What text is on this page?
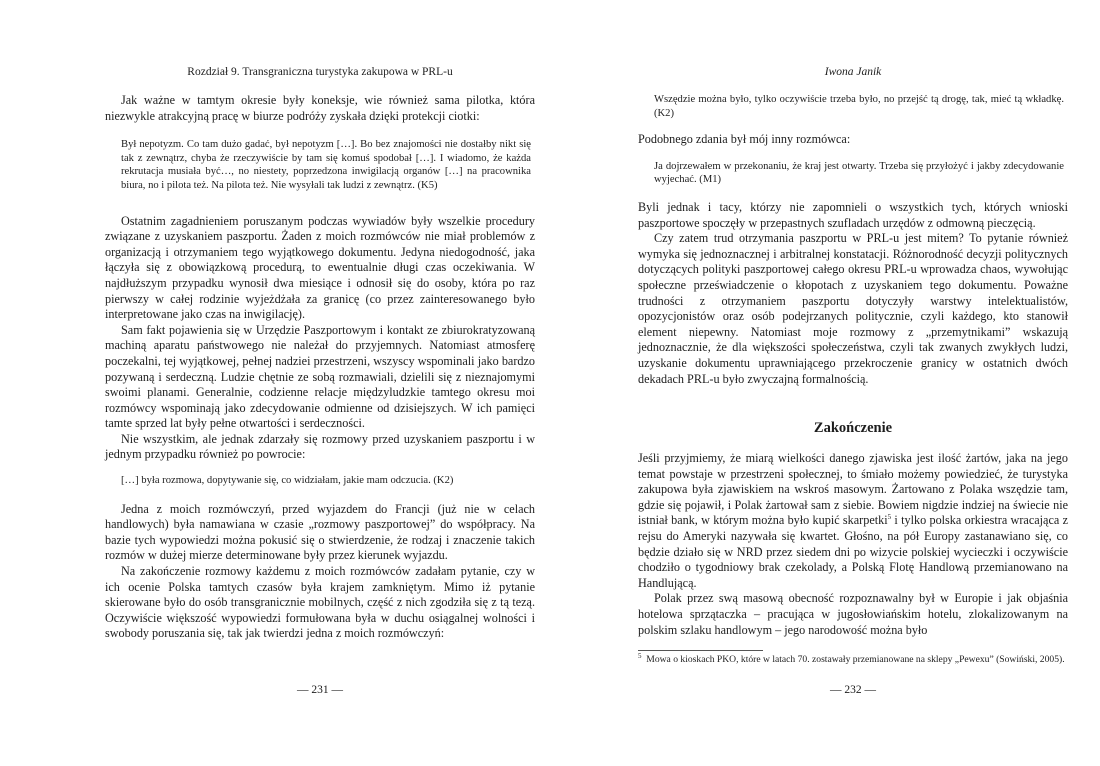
Rozdział 9. Transgraniczna turystyka zakupowa w PRL-u

Jak ważne w tamtym okresie były koneksje, wie również sama pilotka, która niezwykle atrakcyjną pracę w biurze podróży zyskała dzięki protekcji ciotki:

Był nepotyzm. Co tam dużo gadać, był nepotyzm […]. Bo bez znajomości nie dostałby nikt się tak z zewnątrz, chyba że rzeczywiście by tam się komuś spodobał […]. I wiadomo, że każda rekrutacja musiała być…, no niestety, poprzedzona inwigilacją organów […] na pracownika biura, no i pilota też. Na pilota też. Nie wysyłali tak ludzi z zewnątrz. (K5)

Ostatnim zagadnieniem poruszanym podczas wywiadów były wszelkie procedury związane z uzyskaniem paszportu. Żaden z moich rozmówców nie miał problemów z organizacją i otrzymaniem tego wyjątkowego dokumentu. Jedyna niedogodność, jaka łączyła się z obowiązkową procedurą, to ewentualnie długi czas oczekiwania. W najdłuższym przypadku wynosił dwa miesiące i odnosił się do osoby, która po raz pierwszy w całej rodzinie wyjeżdżała za granicę (co przez zainteresowanego było interpretowane jako czas na inwigilację).

Sam fakt pojawienia się w Urzędzie Paszportowym i kontakt ze zbiurokratyzowaną machiną aparatu państwowego nie należał do przyjemnych. Natomiast atmosferę poczekalni, tej wyjątkowej, pełnej nadziei przestrzeni, wszyscy wspominali jako bardzo pozywaną i serdeczną. Ludzie chętnie ze sobą rozmawiali, dzielili się z nieznajomymi swoimi planami. Generalnie, codzienne relacje międzyludzkie tamtego okresu moi rozmówcy wspominają jako zdecydowanie odmienne od dzisiejszych. W ich pamięci tamte sprzed lat były pełne otwartości i serdeczności.

Nie wszystkim, ale jednak zdarzały się rozmowy przed uzyskaniem paszportu i w jednym przypadku również po powrocie:

[…] była rozmowa, dopytywanie się, co widziałam, jakie mam odczucia. (K2)

Jedna z moich rozmówczyń, przed wyjazdem do Francji (już nie w celach handlowych) była namawiana w czasie „rozmowy paszportowej” do współpracy. Na bazie tych wypowiedzi można pokusić się o stwierdzenie, że rodzaj i znaczenie takich rozmów w dużej mierze determinowane były przez kierunek wyjazdu.

Na zakończenie rozmowy każdemu z moich rozmówców zadałam pytanie, czy w ich ocenie Polska tamtych czasów była krajem zamkniętym. Mimo iż pytanie skierowane było do osób transgranicznie mobilnych, część z nich zgodziła się z tą tezą. Oczywiście większość wypowiedzi formułowana była w duchu osiągalnej wolności i swobody poruszania się, tak jak twierdzi jedna z moich rozmówczyń:

— 231 —
Iwona Janik

Wszędzie można było, tylko oczywiście trzeba było, no przejść tą drogę, tak, mieć tą wkładkę. (K2)

Podobnego zdania był mój inny rozmówca:

Ja dojrzewałem w przekonaniu, że kraj jest otwarty. Trzeba się przyłożyć i jakby zdecydowanie wyjechać. (M1)

Byli jednak i tacy, którzy nie zapomnieli o wszystkich tych, których wnioski paszportowe spoczęły w przepastnych szufladach urzędów z odmowną pieczęcią.

Czy zatem trud otrzymania paszportu w PRL-u jest mitem? To pytanie również wymyka się jednoznacznej i arbitralnej konstatacji. Różnorodność decyzji politycznych dotyczących polityki paszportowej całego okresu PRL-u wprowadza chaos, wywołując społeczne przeświadczenie o kłopotach z uzyskaniem tego dokumentu. Poważne trudności z otrzymaniem paszportu dotyczyły warstwy intelektualistów, opozycjonistów oraz osób podejrzanych politycznie, czyli każdego, kto stanowił element niepewny. Natomiast moje rozmowy z „przemytnikami” wskazują jednoznacznie, że dla większości społeczeństwa, czyli tak zwanych zwykłych ludzi, uzyskanie dokumentu uprawniającego przekroczenie granicy w ostatnich dwóch dekadach PRL-u było zwyczajną formalnością.

Zakończenie

Jeśli przyjmiemy, że miarą wielkości danego zjawiska jest ilość żartów, jaka na jego temat powstaje w przestrzeni społecznej, to śmiało możemy powiedzieć, że turystyka zakupowa była zjawiskiem na wskroś masowym. Żartowano z Polaka wszędzie tam, gdzie się pojawił, i Polak żartował sam z siebie. Bowiem nigdzie indziej na świecie nie istniał bank, w którym można było kupić skarpetki$^5$ i tylko polska orkiestra wracająca z rejsu do Ameryki nazywała się kwartet. Głośno, na pół Europy zastanawiano się, co będzie działo się w NRD przez siedem dni po wizycie polskiej wycieczki i oczywiście chodziło o tygodniowy brak czekolady, a Polską Flotę Handlową przemianowano na Handlującą.

Polak przez swą masową obecność rozpoznawalny był w Europie i jak objaśnia hotelowa sprzątaczka – pracująca w jugosłowiańskim hotelu, zlokalizowanym na polskim szlaku handlowym – jego narodowość można było

$^5$ Mowa o kioskach PKO, które w latach 70. zostawały przemianowane na sklepy „Pewexu” (Sowiński, 2005).
— 232 —
